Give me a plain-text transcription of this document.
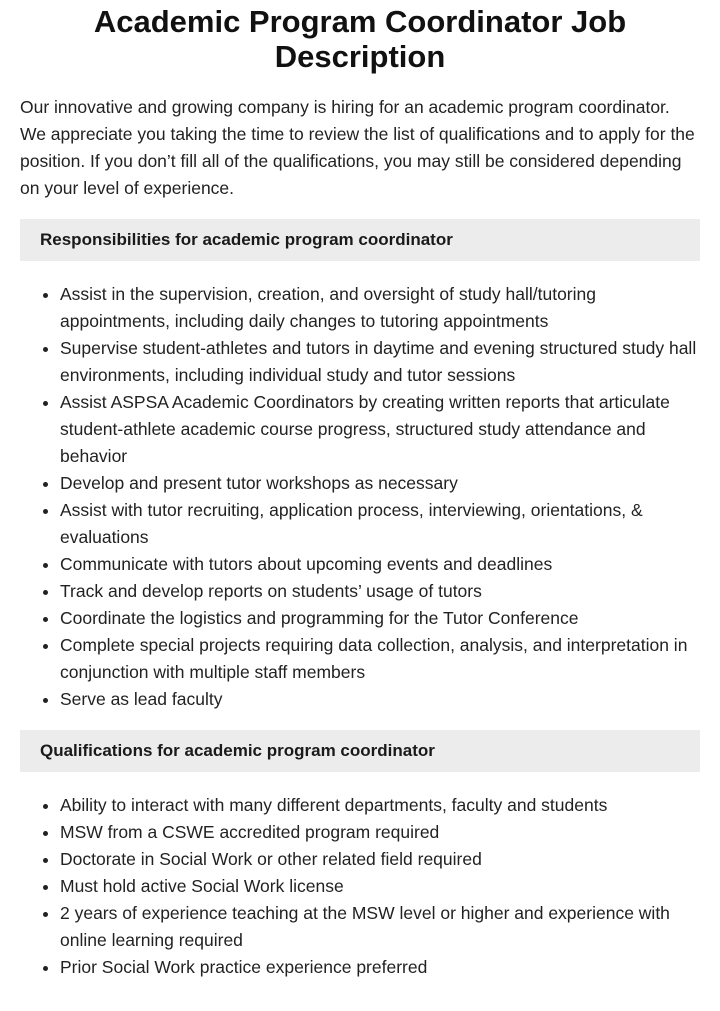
Academic Program Coordinator Job Description

Our innovative and growing company is hiring for an academic program coordinator. We appreciate you taking the time to review the list of qualifications and to apply for the position. If you don’t fill all of the qualifications, you may still be considered depending on your level of experience.

Responsibilities for academic program coordinator
• Assist in the supervision, creation, and oversight of study hall/tutoring appointments, including daily changes to tutoring appointments
• Supervise student-athletes and tutors in daytime and evening structured study hall environments, including individual study and tutor sessions
• Assist ASPSA Academic Coordinators by creating written reports that articulate student-athlete academic course progress, structured study attendance and behavior
• Develop and present tutor workshops as necessary
• Assist with tutor recruiting, application process, interviewing, orientations, & evaluations
• Communicate with tutors about upcoming events and deadlines
• Track and develop reports on students’ usage of tutors
• Coordinate the logistics and programming for the Tutor Conference
• Complete special projects requiring data collection, analysis, and interpretation in conjunction with multiple staff members
• Serve as lead faculty
Qualifications for academic program coordinator
• Ability to interact with many different departments, faculty and students
• MSW from a CSWE accredited program required
• Doctorate in Social Work or other related field required
• Must hold active Social Work license
• 2 years of experience teaching at the MSW level or higher and experience with online learning required
• Prior Social Work practice experience preferred
